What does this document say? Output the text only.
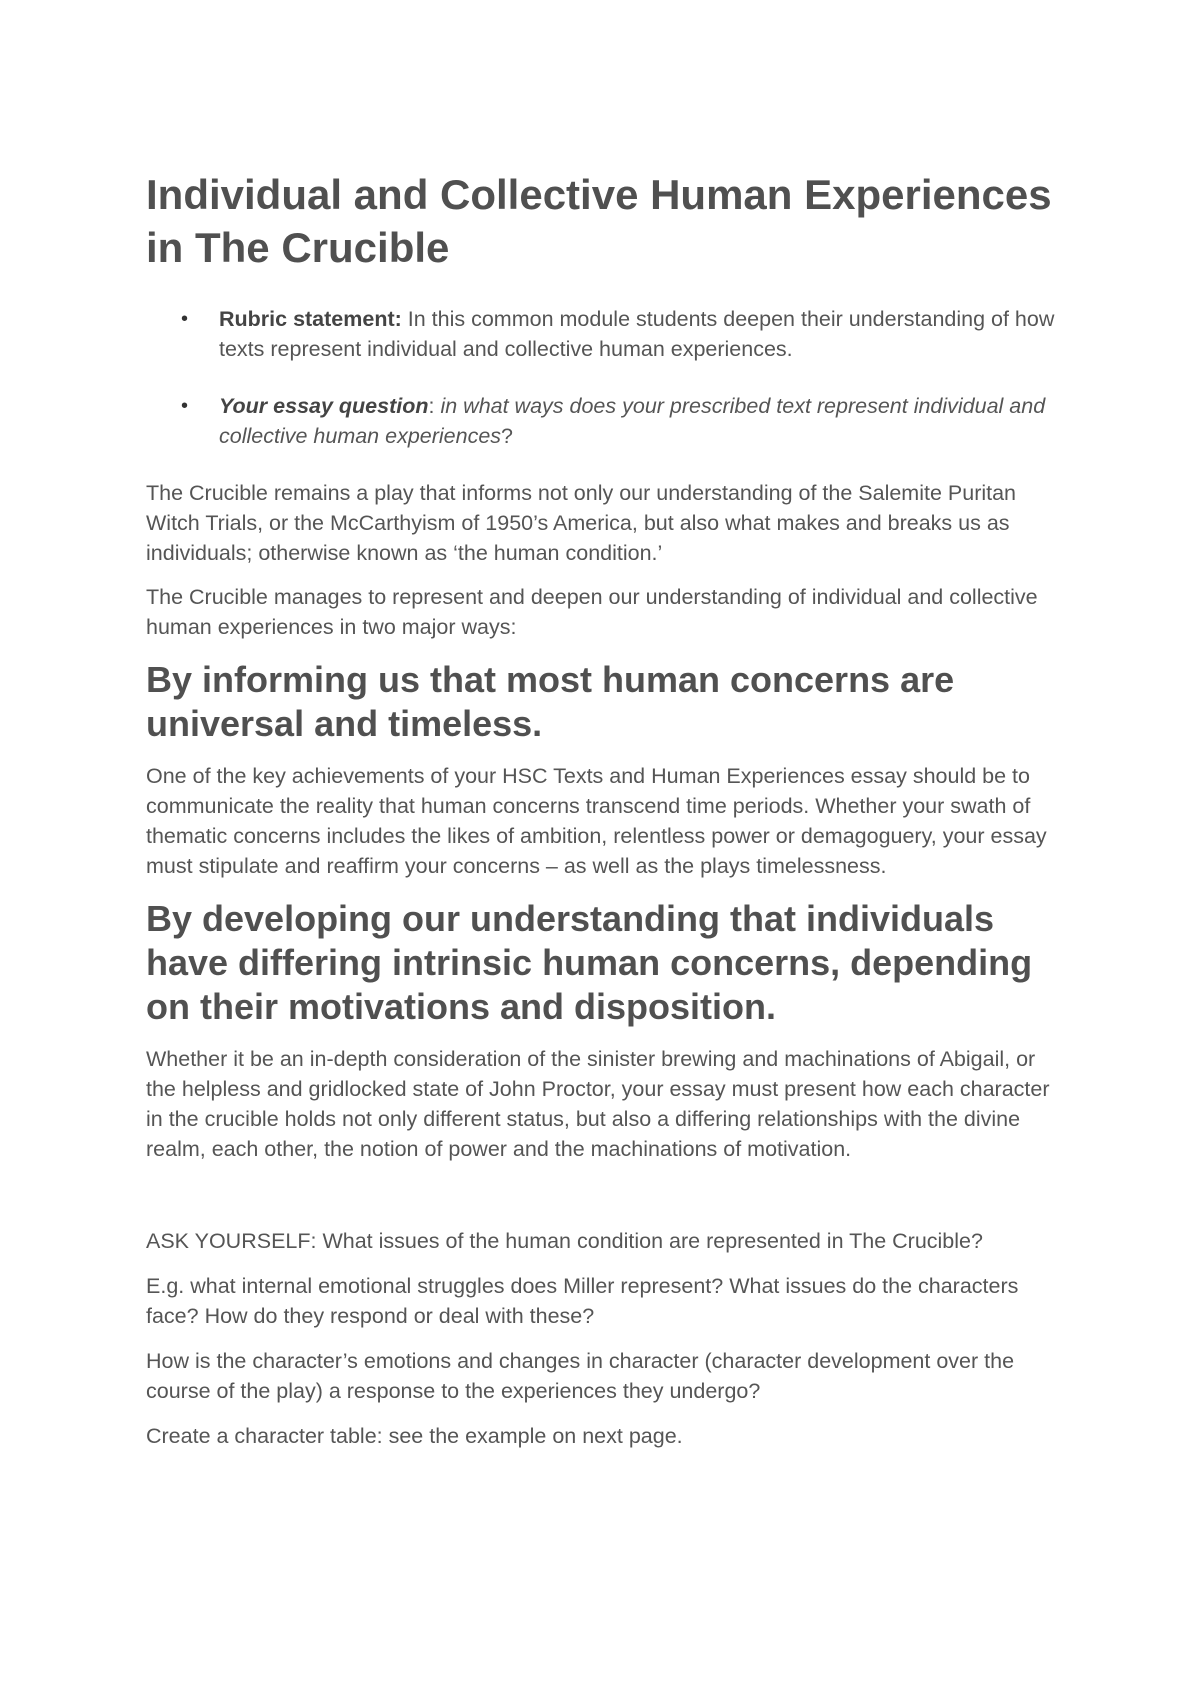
Individual and Collective Human Experiences in The Crucible
• Rubric statement: In this common module students deepen their understanding of how texts represent individual and collective human experiences.
• Your essay question: in what ways does your prescribed text represent individual and collective human experiences?

The Crucible remains a play that informs not only our understanding of the Salemite Puritan Witch Trials, or the McCarthyism of 1950’s America, but also what makes and breaks us as individuals; otherwise known as ‘the human condition.’

The Crucible manages to represent and deepen our understanding of individual and collective human experiences in two major ways:

By informing us that most human concerns are universal and timeless.

One of the key achievements of your HSC Texts and Human Experiences essay should be to communicate the reality that human concerns transcend time periods. Whether your swath of thematic concerns includes the likes of ambition, relentless power or demagoguery, your essay must stipulate and reaffirm your concerns – as well as the plays timelessness.

By developing our understanding that individuals have differing intrinsic human concerns, depending on their motivations and disposition.

Whether it be an in-depth consideration of the sinister brewing and machinations of Abigail, or the helpless and gridlocked state of John Proctor, your essay must present how each character in the crucible holds not only different status, but also a differing relationships with the divine realm, each other, the notion of power and the machinations of motivation.

ASK YOURSELF: What issues of the human condition are represented in The Crucible?

E.g. what internal emotional struggles does Miller represent? What issues do the characters face? How do they respond or deal with these?

How is the character’s emotions and changes in character (character development over the course of the play) a response to the experiences they undergo?

Create a character table: see the example on next page.
